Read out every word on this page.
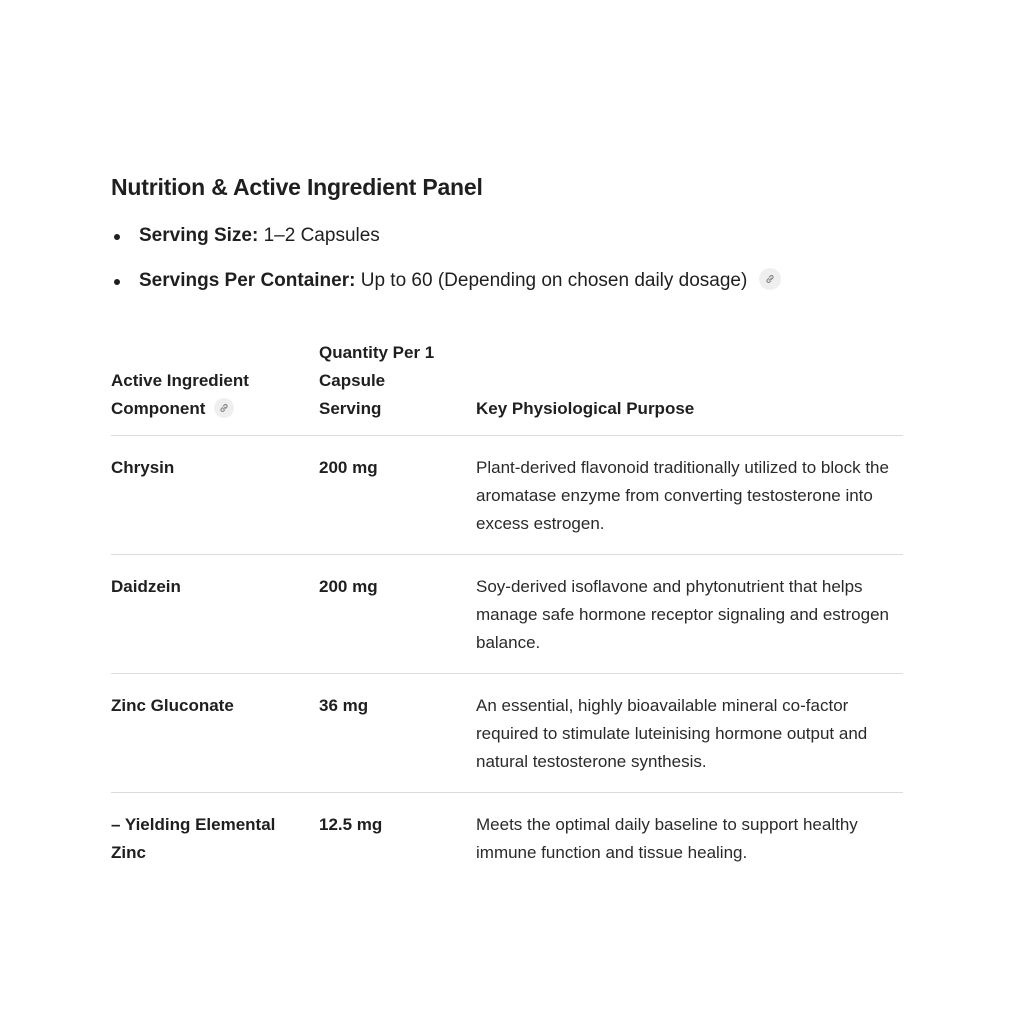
Nutrition & Active Ingredient Panel
Serving Size: 1–2 Capsules
Servings Per Container: Up to 60 (Depending on chosen daily dosage)
Active Ingredient Component	Quantity Per 1 Capsule Serving	Key Physiological Purpose
Chrysin	200 mg	Plant-derived flavonoid traditionally utilized to block the aromatase enzyme from converting testosterone into excess estrogen.
Daidzein	200 mg	Soy-derived isoflavone and phytonutrient that helps manage safe hormone receptor signaling and estrogen balance.
Zinc Gluconate	36 mg	An essential, highly bioavailable mineral co-factor required to stimulate luteinising hormone output and natural testosterone synthesis.
– Yielding Elemental Zinc	12.5 mg	Meets the optimal daily baseline to support healthy immune function and tissue healing.
